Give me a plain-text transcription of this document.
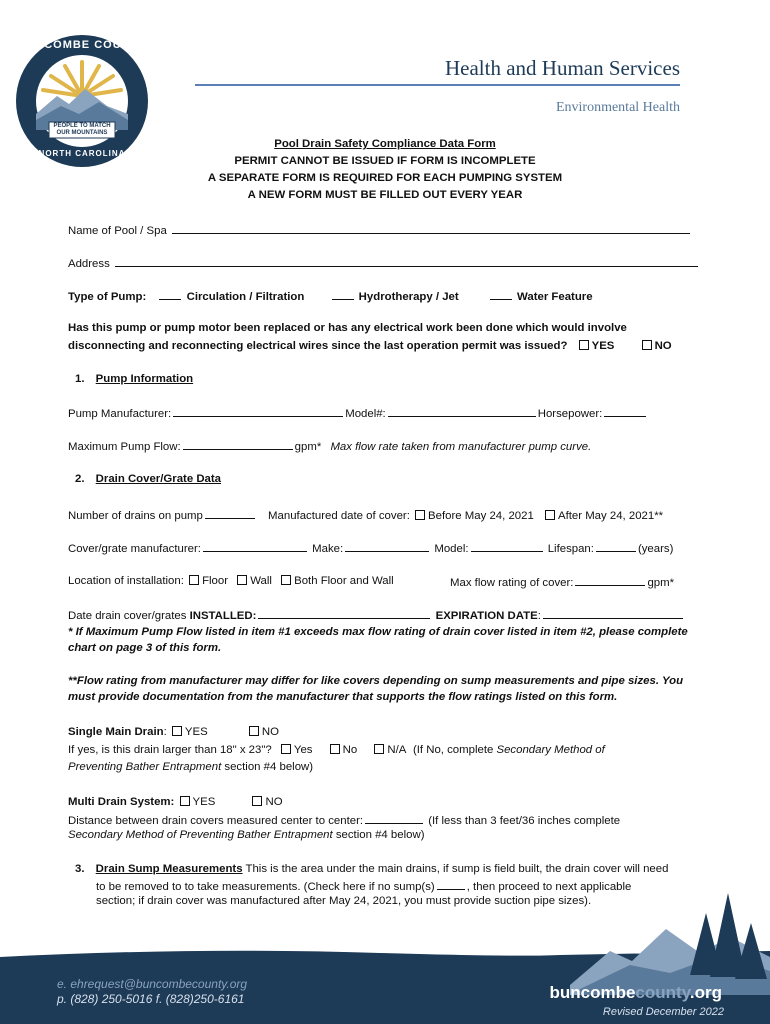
BUNCOMBE COUNTY
PEOPLE TO MATCH
OUR MOUNTAINS
NORTH CAROLINA
Health and Human Services
Environmental Health
Pool Drain Safety Compliance Data Form
PERMIT CANNOT BE ISSUED IF FORM IS INCOMPLETE
A SEPARATE FORM IS REQUIRED FOR EACH PUMPING SYSTEM
A NEW FORM MUST BE FILLED OUT EVERY YEAR
Name of Pool / Spa
Address
Type of Pump:	Circulation / Filtration	Hydrotherapy / Jet	Water Feature
Has this pump or pump motor been replaced or has any electrical work been done which would involve
disconnecting and reconnecting electrical wires since the last operation permit was issued? YES	NO
1. Pump Information
Pump Manufacturer:	Model#:	Horsepower:
Maximum Pump Flow:	gpm* Max flow rate taken from manufacturer pump curve.
2. Drain Cover/Grate Data
Number of drains on pump	Manufactured date of cover: Before May 24, 2021 After May 24, 2021**
Cover/grate manufacturer:	Make:	Model:	Lifespan:	(years)
Location of installation: Floor Wall Both Floor and Wall	Max flow rating of cover:	gpm*
Date drain cover/grates INSTALLED:	EXPIRATION DATE:
* If Maximum Pump Flow listed in item #1 exceeds max flow rating of drain cover listed in item #2, please complete
chart on page 3 of this form.
**Flow rating from manufacturer may differ for like covers depending on sump measurements and pipe sizes. You
must provide documentation from the manufacturer that supports the flow ratings listed on this form.
Single Main Drain: YES	NO
If yes, is this drain larger than 18" x 23"? Yes	No	N/A (If No, complete Secondary Method of
Preventing Bather Entrapment section #4 below)
Multi Drain System: YES	NO
Distance between drain covers measured center to center:	(If less than 3 feet/36 inches complete
Secondary Method of Preventing Bather Entrapment section #4 below)
3. Drain Sump Measurements This is the area under the main drains, if sump is field built, the drain cover will need
to be removed to to take measurements. (Check here if no sump(s)	, then proceed to next applicable
section; if drain cover was manufactured after May 24, 2021, you must provide suction pipe sizes).
e. ehrequest@buncombecounty.org
p. (828) 250-5016 f. (828)250-6161	buncombecounty.org
Revised December 2022
